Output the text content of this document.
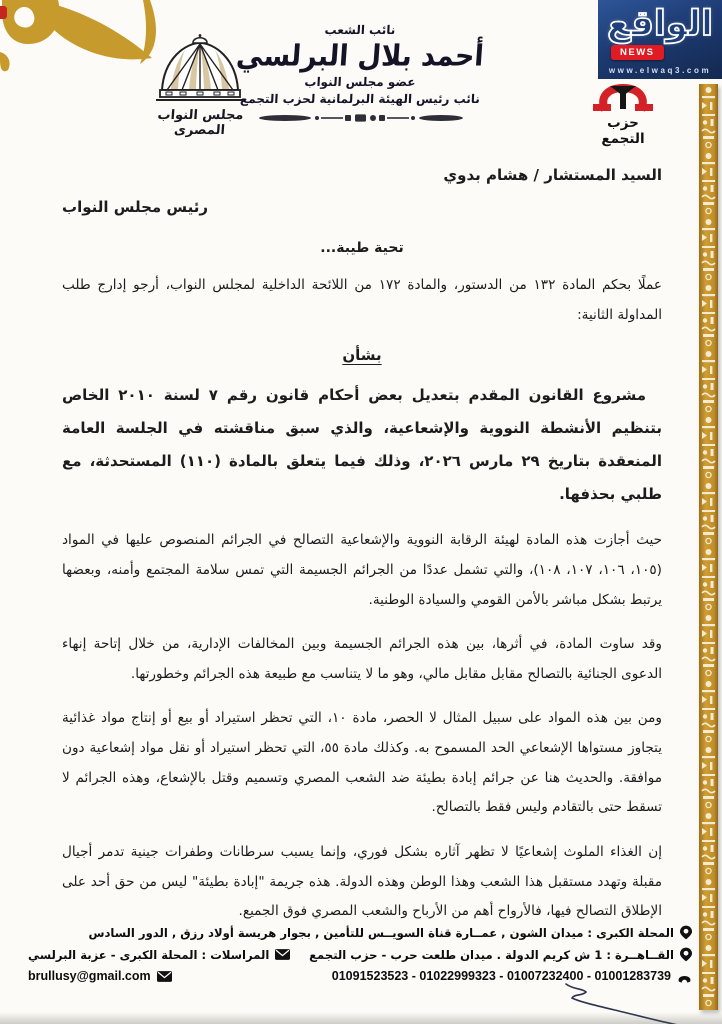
مجلس النواب المصرى
نائب الشعب
أحمد بلال البرلسي
عضو مجلس النواب
نائب رئيس الهيئة البرلمانية لحزب التجمع
الواقع
NEWS
www.elwaq3.com
حزب التجمع

السيد المستشار / هشام بدوي

رئيس مجلس النواب

تحية طيبة...

عملًا بحكم المادة ١٣٢ من الدستور، والمادة ١٧٢ من اللائحة الداخلية لمجلس النواب، أرجو إدارج طلب المداولة الثانية:

بشأن

مشروع القانون المقدم بتعديل بعض أحكام قانون رقم ٧ لسنة ٢٠١٠ الخاص بتنظيم الأنشطة النووية والإشعاعية، والذي سبق مناقشته في الجلسة العامة المنعقدة بتاريخ ٢٩ مارس ٢٠٢٦، وذلك فيما يتعلق بالمادة (١١٠) المستحدثة، مع طلبي بحذفها.

حيث أجازت هذه المادة لهيئة الرقابة النووية والإشعاعية التصالح في الجرائم المنصوص عليها في المواد (١٠٥، ١٠٦، ١٠٧، ١٠٨)، والتي تشمل عددًا من الجرائم الجسيمة التي تمس سلامة المجتمع وأمنه، وبعضها يرتبط بشكل مباشر بالأمن القومي والسيادة الوطنية.

وقد ساوت المادة، في أثرها، بين هذه الجرائم الجسيمة وبين المخالفات الإدارية، من خلال إتاحة إنهاء الدعوى الجنائية بالتصالح مقابل مقابل مالي، وهو ما لا يتناسب مع طبيعة هذه الجرائم وخطورتها.

ومن بين هذه المواد على سبيل المثال لا الحصر، مادة ١٠، التي تحظر استيراد أو بيع أو إنتاج مواد غذائية يتجاوز مستواها الإشعاعي الحد المسموح به. وكذلك مادة ٥٥، التي تحظر استيراد أو نقل مواد إشعاعية دون موافقة. والحديث هنا عن جرائم إبادة بطيئة ضد الشعب المصري وتسميم وقتل بالإشعاع، وهذه الجرائم لا تسقط حتى بالتقادم وليس فقط بالتصالح.

إن الغذاء الملوث إشعاعيًا لا تظهر آثاره بشكل فوري، وإنما يسبب سرطانات وطفرات جينية تدمر أجيال مقبلة وتهدد مستقبل هذا الشعب وهذا الوطن وهذه الدولة. هذه جريمة "إبادة بطيئة" ليس من حق أحد على الإطلاق التصالح فيها، فالأرواح أهم من الأرباح والشعب المصري فوق الجميع.

المحلة الكبرى : ميدان الشون , عمــارة قناة السويــس للتأمين , بجوار هريسة أولاد رزق , الدور السادس
القــاهــرة : 1 ش كريم الدولة . ميدان طلعت حرب - حزب التجمع
المراسلات : المحلة الكبرى - عزبة البرلسي
01091523523 - 01022999323 - 01007232400 - 01001283739
brullusy@gmail.com
